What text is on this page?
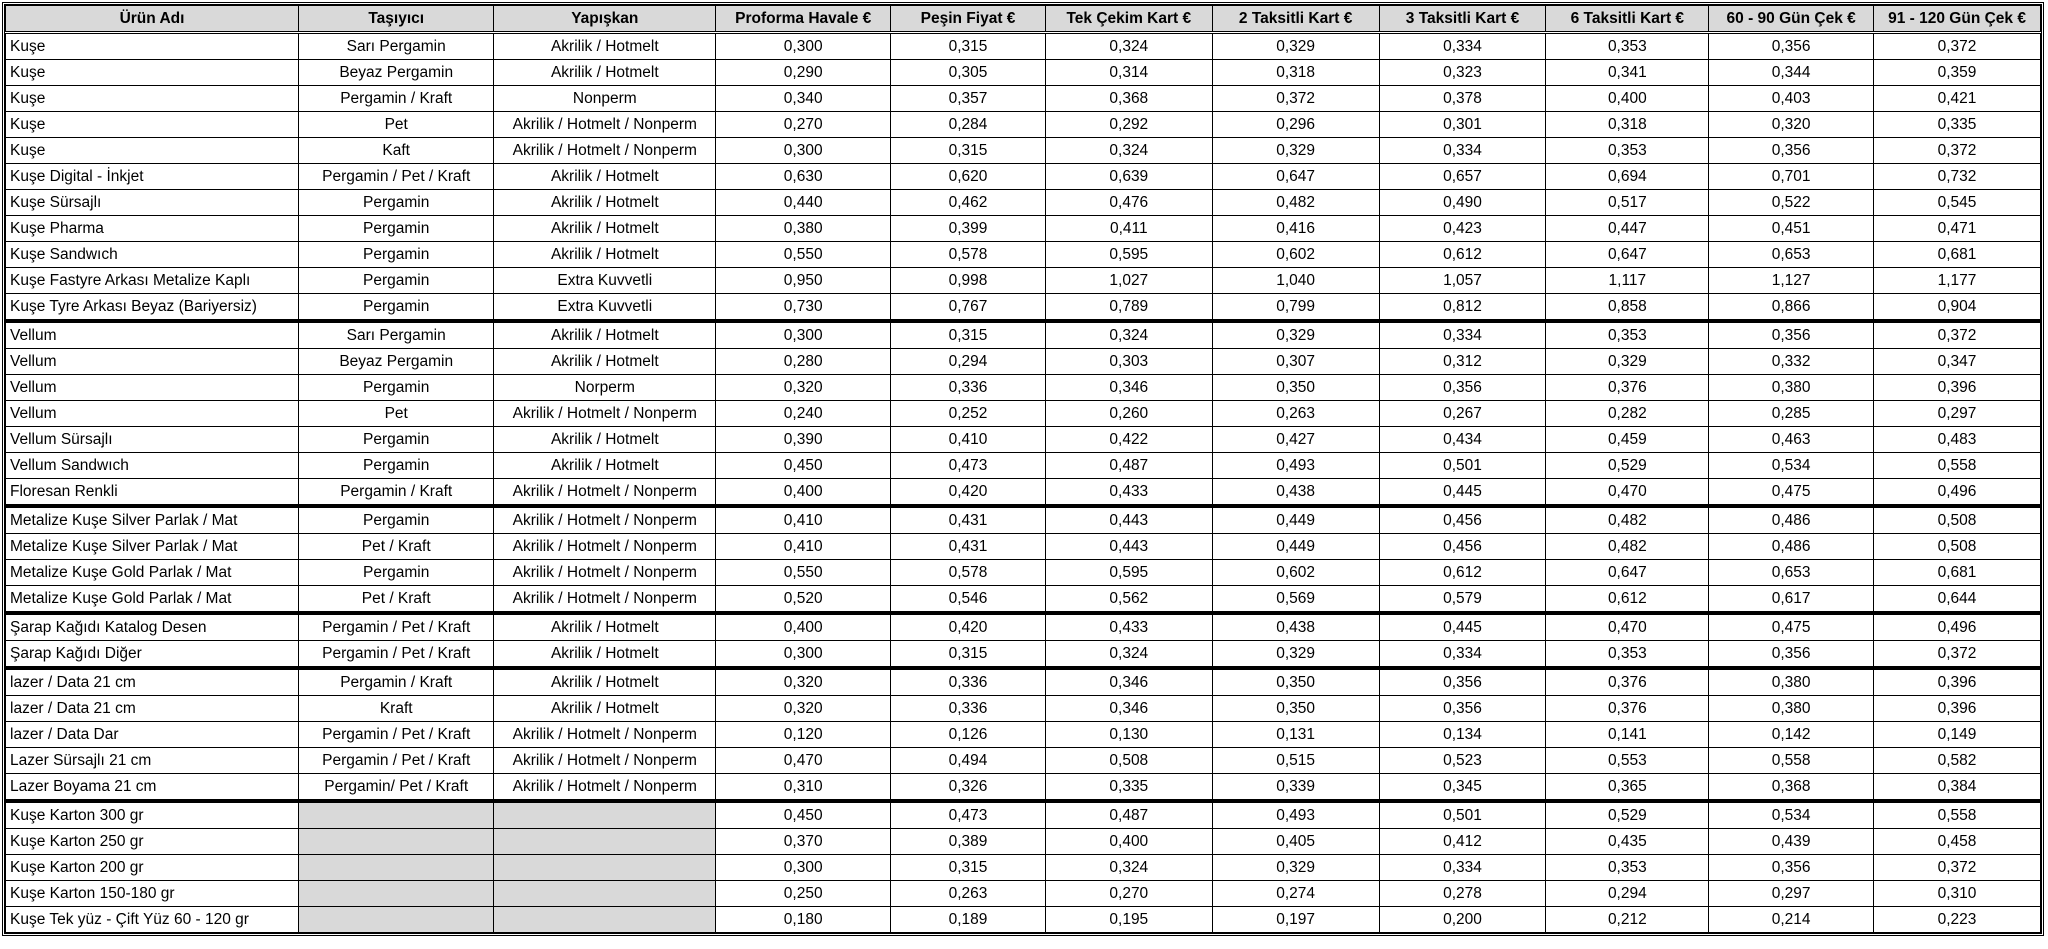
Ürün Adı	Taşıyıcı	Yapışkan	Proforma Havale €	Peşin Fiyat €	Tek Çekim Kart €	2 Taksitli Kart €	3 Taksitli Kart €	6 Taksitli Kart €	60 - 90 Gün Çek €	91 - 120 Gün Çek €
Kuşe	Sarı Pergamin	Akrilik / Hotmelt	0,300	0,315	0,324	0,329	0,334	0,353	0,356	0,372
Kuşe	Beyaz Pergamin	Akrilik / Hotmelt	0,290	0,305	0,314	0,318	0,323	0,341	0,344	0,359
Kuşe	Pergamin / Kraft	Nonperm	0,340	0,357	0,368	0,372	0,378	0,400	0,403	0,421
Kuşe	Pet	Akrilik / Hotmelt / Nonperm	0,270	0,284	0,292	0,296	0,301	0,318	0,320	0,335
Kuşe	Kaft	Akrilik / Hotmelt / Nonperm	0,300	0,315	0,324	0,329	0,334	0,353	0,356	0,372
Kuşe Digital - İnkjet	Pergamin / Pet / Kraft	Akrilik / Hotmelt	0,630	0,620	0,639	0,647	0,657	0,694	0,701	0,732
Kuşe Sürsajlı	Pergamin	Akrilik / Hotmelt	0,440	0,462	0,476	0,482	0,490	0,517	0,522	0,545
Kuşe Pharma	Pergamin	Akrilik / Hotmelt	0,380	0,399	0,411	0,416	0,423	0,447	0,451	0,471
Kuşe Sandwıch	Pergamin	Akrilik / Hotmelt	0,550	0,578	0,595	0,602	0,612	0,647	0,653	0,681
Kuşe Fastyre Arkası Metalize Kaplı	Pergamin	Extra Kuvvetli	0,950	0,998	1,027	1,040	1,057	1,117	1,127	1,177
Kuşe Tyre Arkası Beyaz (Bariyersiz)	Pergamin	Extra Kuvvetli	0,730	0,767	0,789	0,799	0,812	0,858	0,866	0,904
Vellum	Sarı Pergamin	Akrilik / Hotmelt	0,300	0,315	0,324	0,329	0,334	0,353	0,356	0,372
Vellum	Beyaz Pergamin	Akrilik / Hotmelt	0,280	0,294	0,303	0,307	0,312	0,329	0,332	0,347
Vellum	Pergamin	Norperm	0,320	0,336	0,346	0,350	0,356	0,376	0,380	0,396
Vellum	Pet	Akrilik / Hotmelt / Nonperm	0,240	0,252	0,260	0,263	0,267	0,282	0,285	0,297
Vellum Sürsajlı	Pergamin	Akrilik / Hotmelt	0,390	0,410	0,422	0,427	0,434	0,459	0,463	0,483
Vellum Sandwıch	Pergamin	Akrilik / Hotmelt	0,450	0,473	0,487	0,493	0,501	0,529	0,534	0,558
Floresan Renkli	Pergamin / Kraft	Akrilik / Hotmelt / Nonperm	0,400	0,420	0,433	0,438	0,445	0,470	0,475	0,496
Metalize Kuşe Silver Parlak / Mat	Pergamin	Akrilik / Hotmelt / Nonperm	0,410	0,431	0,443	0,449	0,456	0,482	0,486	0,508
Metalize Kuşe Silver Parlak / Mat	Pet / Kraft	Akrilik / Hotmelt / Nonperm	0,410	0,431	0,443	0,449	0,456	0,482	0,486	0,508
Metalize Kuşe Gold Parlak / Mat	Pergamin	Akrilik / Hotmelt / Nonperm	0,550	0,578	0,595	0,602	0,612	0,647	0,653	0,681
Metalize Kuşe Gold Parlak / Mat	Pet / Kraft	Akrilik / Hotmelt / Nonperm	0,520	0,546	0,562	0,569	0,579	0,612	0,617	0,644
Şarap Kağıdı Katalog Desen	Pergamin / Pet / Kraft	Akrilik / Hotmelt	0,400	0,420	0,433	0,438	0,445	0,470	0,475	0,496
Şarap Kağıdı Diğer	Pergamin / Pet / Kraft	Akrilik / Hotmelt	0,300	0,315	0,324	0,329	0,334	0,353	0,356	0,372
lazer / Data 21 cm	Pergamin / Kraft	Akrilik / Hotmelt	0,320	0,336	0,346	0,350	0,356	0,376	0,380	0,396
lazer / Data 21 cm	Kraft	Akrilik / Hotmelt	0,320	0,336	0,346	0,350	0,356	0,376	0,380	0,396
lazer / Data Dar	Pergamin / Pet / Kraft	Akrilik / Hotmelt / Nonperm	0,120	0,126	0,130	0,131	0,134	0,141	0,142	0,149
Lazer Sürsajlı 21 cm	Pergamin / Pet / Kraft	Akrilik / Hotmelt / Nonperm	0,470	0,494	0,508	0,515	0,523	0,553	0,558	0,582
Lazer Boyama 21 cm	Pergamin/ Pet / Kraft	Akrilik / Hotmelt / Nonperm	0,310	0,326	0,335	0,339	0,345	0,365	0,368	0,384
Kuşe Karton 300 gr			0,450	0,473	0,487	0,493	0,501	0,529	0,534	0,558
Kuşe Karton 250 gr			0,370	0,389	0,400	0,405	0,412	0,435	0,439	0,458
Kuşe Karton 200 gr			0,300	0,315	0,324	0,329	0,334	0,353	0,356	0,372
Kuşe Karton 150-180 gr			0,250	0,263	0,270	0,274	0,278	0,294	0,297	0,310
Kuşe Tek yüz - Çift Yüz 60 - 120 gr			0,180	0,189	0,195	0,197	0,200	0,212	0,214	0,223
